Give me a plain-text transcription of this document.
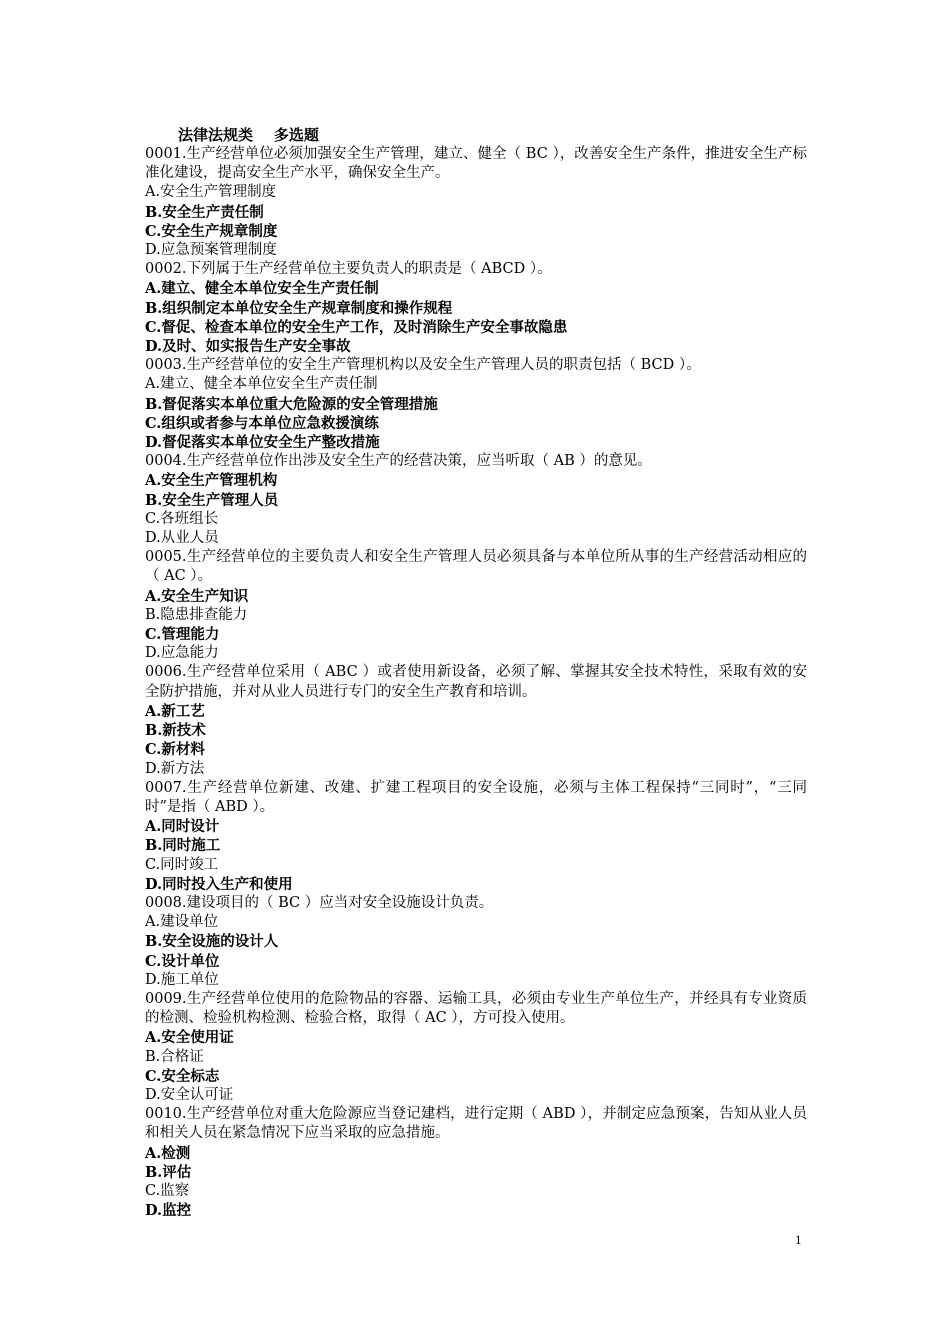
法律法规类    多选题
0001.生产经营单位必须加强安全生产管理，建立、健全（ BC ），改善安全生产条件，推进安全生产标准化建设，提高安全生产水平，确保安全生产。
A.安全生产管理制度
B.安全生产责任制
C.安全生产规章制度
D.应急预案管理制度
0002.下列属于生产经营单位主要负责人的职责是（ ABCD ）。
A.建立、健全本单位安全生产责任制
B.组织制定本单位安全生产规章制度和操作规程
C.督促、检查本单位的安全生产工作，及时消除生产安全事故隐患
D.及时、如实报告生产安全事故
0003.生产经营单位的安全生产管理机构以及安全生产管理人员的职责包括（ BCD ）。
A.建立、健全本单位安全生产责任制
B.督促落实本单位重大危险源的安全管理措施
C.组织或者参与本单位应急救援演练
D.督促落实本单位安全生产整改措施
0004.生产经营单位作出涉及安全生产的经营决策，应当听取（ AB ）的意见。
A.安全生产管理机构
B.安全生产管理人员
C.各班组长
D.从业人员
0005.生产经营单位的主要负责人和安全生产管理人员必须具备与本单位所从事的生产经营活动相应的（ AC ）。
A.安全生产知识
B.隐患排查能力
C.管理能力
D.应急能力
0006.生产经营单位采用（ ABC ）或者使用新设备，必须了解、掌握其安全技术特性，采取有效的安全防护措施，并对从业人员进行专门的安全生产教育和培训。
A.新工艺
B.新技术
C.新材料
D.新方法
0007.生产经营单位新建、改建、扩建工程项目的安全设施，必须与主体工程保持“三同时”，“三同时”是指（ ABD ）。
A.同时设计
B.同时施工
C.同时竣工
D.同时投入生产和使用
0008.建设项目的（ BC ）应当对安全设施设计负责。
A.建设单位
B.安全设施的设计人
C.设计单位
D.施工单位
0009.生产经营单位使用的危险物品的容器、运输工具，必须由专业生产单位生产，并经具有专业资质的检测、检验机构检测、检验合格，取得（ AC ），方可投入使用。
A.安全使用证
B.合格证
C.安全标志
D.安全认可证
0010.生产经营单位对重大危险源应当登记建档，进行定期（ ABD ），并制定应急预案，告知从业人员和相关人员在紧急情况下应当采取的应急措施。
A.检测
B.评估
C.监察
D.监控
1
